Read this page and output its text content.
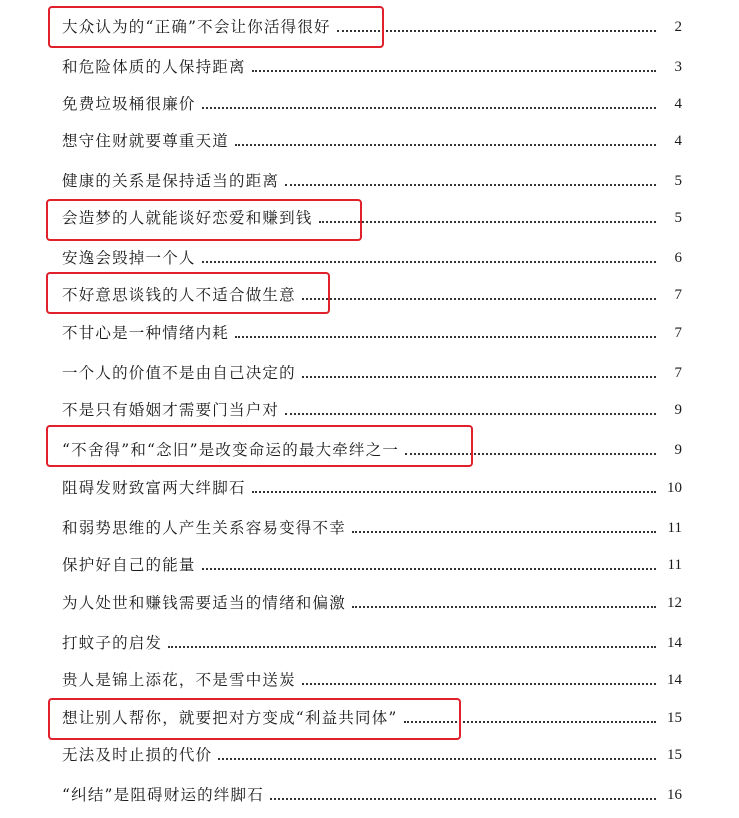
大众认为的“正确”不会让你活得很好	2
和危险体质的人保持距离	3
免费垃圾桶很廉价	4
想守住财就要尊重天道	4
健康的关系是保持适当的距离	5
会造梦的人就能谈好恋爱和赚到钱	5
安逸会毁掉一个人	6
不好意思谈钱的人不适合做生意	7
不甘心是一种情绪内耗	7
一个人的价值不是由自己决定的	7
不是只有婚姻才需要门当户对	9
“不舍得”和“念旧”是改变命运的最大牵绊之一	9
阻碍发财致富两大绊脚石	10
和弱势思维的人产生关系容易变得不幸	11
保护好自己的能量	11
为人处世和赚钱需要适当的情绪和偏激	12
打蚊子的启发	14
贵人是锦上添花，不是雪中送炭	14
想让别人帮你，就要把对方变成“利益共同体”	15
无法及时止损的代价	15
“纠结”是阻碍财运的绊脚石	16
